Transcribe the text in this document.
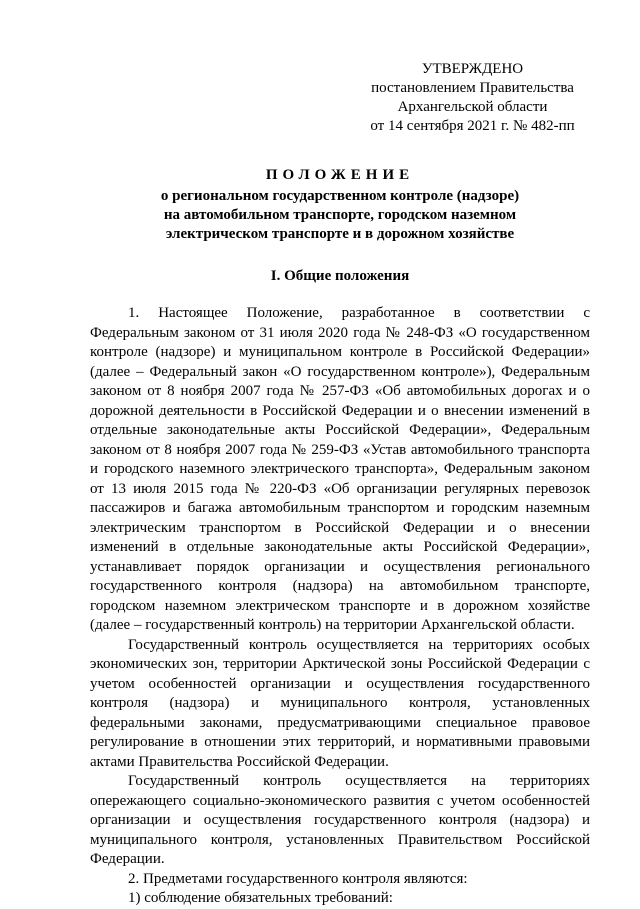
УТВЕРЖДЕНО
постановлением Правительства
Архангельской области
от 14 сентября 2021 г. № 482-пп
ПОЛОЖЕНИЕ
о региональном государственном контроле (надзоре)
на автомобильном транспорте, городском наземном
электрическом транспорте и в дорожном хозяйстве
I. Общие положения

1. Настоящее Положение, разработанное в соответствии с Федеральным законом от 31 июля 2020 года № 248-ФЗ «О государственном контроле (надзоре) и муниципальном контроле в Российской Федерации» (далее – Федеральный закон «О государственном контроле»), Федеральным законом от 8 ноября 2007 года № 257-ФЗ «Об автомобильных дорогах и о дорожной деятельности в Российской Федерации и о внесении изменений в отдельные законодательные акты Российской Федерации», Федеральным законом от 8 ноября 2007 года № 259-ФЗ «Устав автомобильного транспорта и городского наземного электрического транспорта», Федеральным законом от 13 июля 2015 года № 220-ФЗ «Об организации регулярных перевозок пассажиров и багажа автомобильным транспортом и городским наземным электрическим транспортом в Российской Федерации и о внесении изменений в отдельные законодательные акты Российской Федерации», устанавливает порядок организации и осуществления регионального государственного контроля (надзора) на автомобильном транспорте, городском наземном электрическом транспорте и в дорожном хозяйстве (далее – государственный контроль) на территории Архангельской области.

Государственный контроль осуществляется на территориях особых экономических зон, территории Арктической зоны Российской Федерации с учетом особенностей организации и осуществления государственного контроля (надзора) и муниципального контроля, установленных федеральными законами, предусматривающими специальное правовое регулирование в отношении этих территорий, и нормативными правовыми актами Правительства Российской Федерации.

Государственный контроль осуществляется на территориях опережающего социально-экономического развития с учетом особенностей организации и осуществления государственного контроля (надзора) и муниципального контроля, установленных Правительством Российской Федерации.

2. Предметами государственного контроля являются:

1) соблюдение обязательных требований:
